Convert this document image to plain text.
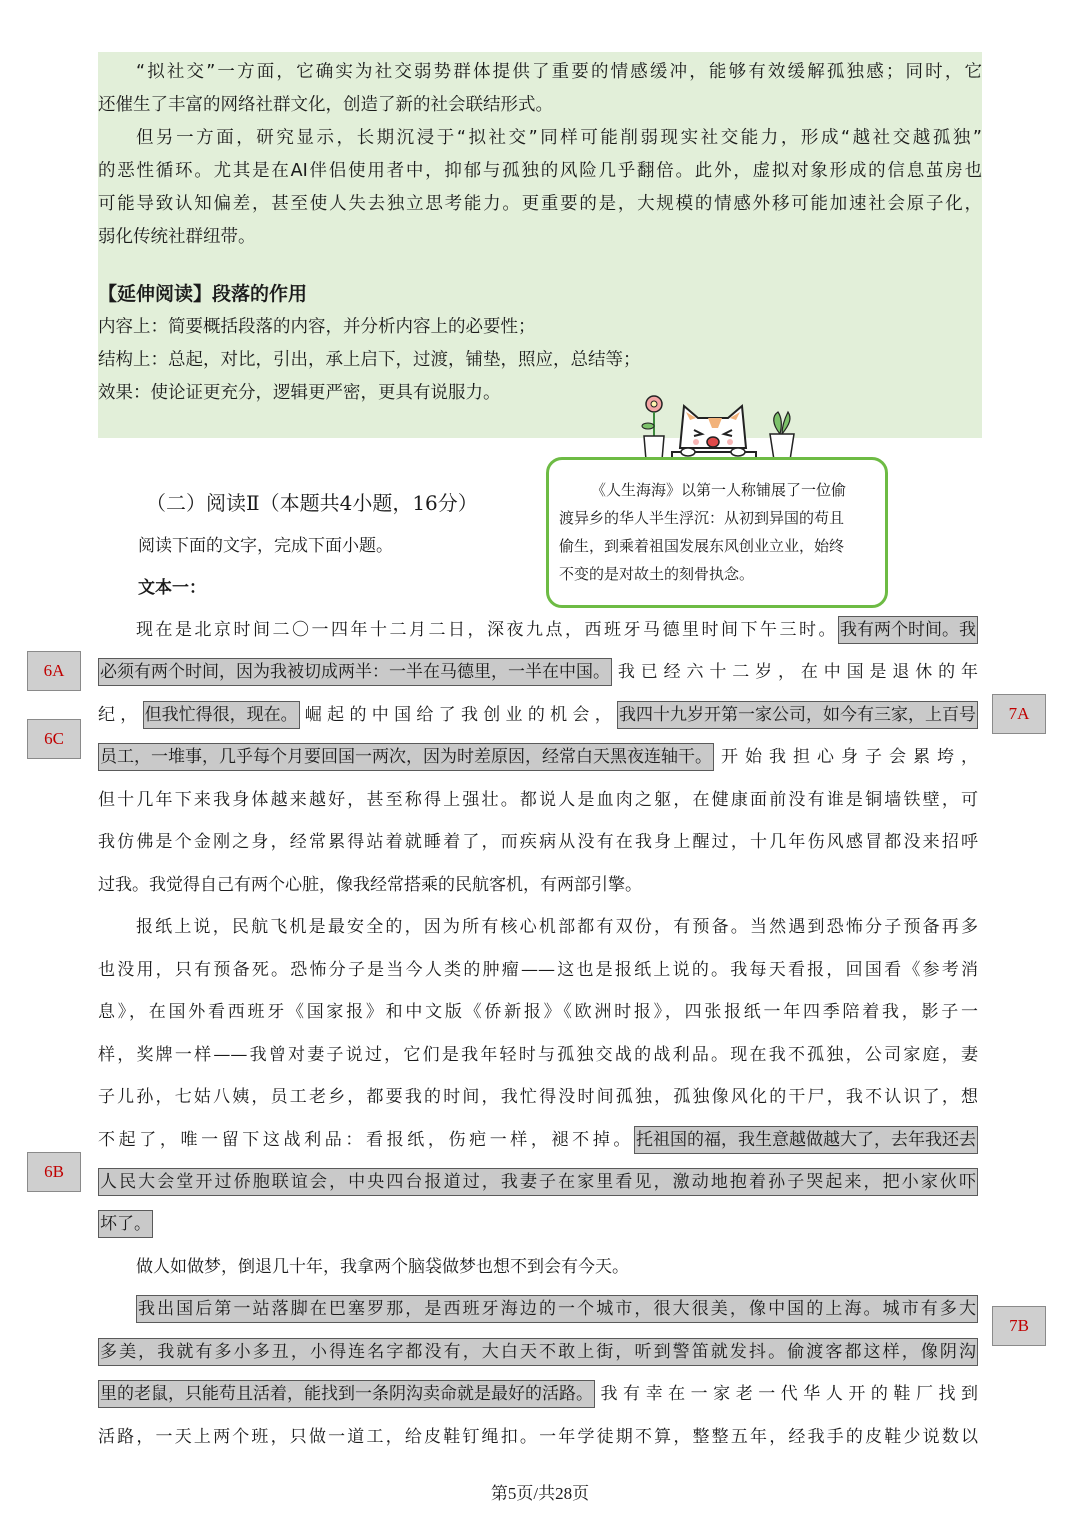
“拟社交”一方面，它确实为社交弱势群体提供了重要的情感缓冲，能够有效缓解孤独感；同时，它
还催生了丰富的网络社群文化，创造了新的社会联结形式。
但另一方面，研究显示，长期沉浸于“拟社交”同样可能削弱现实社交能力，形成“越社交越孤独”
的恶性循环。尤其是在AI伴侣使用者中，抑郁与孤独的风险几乎翻倍。此外，虚拟对象形成的信息茧房也
可能导致认知偏差，甚至使人失去独立思考能力。更重要的是，大规模的情感外移可能加速社会原子化，
弱化传统社群纽带。
【延伸阅读】段落的作用
内容上：简要概括段落的内容，并分析内容上的必要性；
结构上：总起，对比，引出，承上启下，过渡，铺垫，照应，总结等；
效果：使论证更充分，逻辑更严密，更具有说服力。
（二）阅读Ⅱ（本题共4小题，16分）
阅读下面的文字，完成下面小题。
文本一：
《人生海海》以第一人称铺展了一位偷
渡异乡的华人半生浮沉：从初到异国的苟且
偷生，到乘着祖国发展东风创业立业，始终
不变的是对故土的刻骨执念。
现在是北京时间二〇一四年十二月二日，深夜九点，西班牙马德里时间下午三时。 我有两个时间。我
必须有两个时间，因为我被切成两半：一半在马德里，一半在中国。 我已经六十二岁，在中国是退休的年
纪， 但我忙得很，现在。 崛起的中国给了我创业的机会， 我四十九岁开第一家公司，如今有三家，上百号
员工，一堆事，几乎每个月要回国一两次，因为时差原因，经常白天黑夜连轴干。 开始我担心身子会累垮，
但十几年下来我身体越来越好，甚至称得上强壮。都说人是血肉之躯，在健康面前没有谁是铜墙铁壁，可
我仿佛是个金刚之身，经常累得站着就睡着了，而疾病从没有在我身上醒过，十几年伤风感冒都没来招呼
过我。我觉得自己有两个心脏，像我经常搭乘的民航客机，有两部引擎。
报纸上说，民航飞机是最安全的，因为所有核心机部都有双份，有预备。当然遇到恐怖分子预备再多
也没用，只有预备死。恐怖分子是当今人类的肿瘤——这也是报纸上说的。我每天看报，回国看《参考消
息》，在国外看西班牙《国家报》和中文版《侨新报》《欧洲时报》，四张报纸一年四季陪着我，影子一
样，奖牌一样——我曾对妻子说过，它们是我年轻时与孤独交战的战利品。现在我不孤独，公司家庭，妻
子儿孙，七姑八姨，员工老乡，都要我的时间，我忙得没时间孤独，孤独像风化的干尸，我不认识了，想
不起了，唯一留下这战利品：看报纸，伤疤一样，褪不掉。 托祖国的福，我生意越做越大了，去年我还去
人民大会堂开过侨胞联谊会，中央四台报道过，我妻子在家里看见，激动地抱着孙子哭起来，把小家伙吓
坏了。
做人如做梦，倒退几十年，我拿两个脑袋做梦也想不到会有今天。
我出国后第一站落脚在巴塞罗那，是西班牙海边的一个城市，很大很美，像中国的上海。城市有多大
多美，我就有多小多丑，小得连名字都没有，大白天不敢上街，听到警笛就发抖。偷渡客都这样，像阴沟
里的老鼠，只能苟且活着，能找到一条阴沟卖命就是最好的活路。 我有幸在一家老一代华人开的鞋厂找到
活路，一天上两个班，只做一道工，给皮鞋钉绳扣。一年学徒期不算，整整五年，经我手的皮鞋少说数以
6A
6C
7A
6B
7B
第5页/共28页
